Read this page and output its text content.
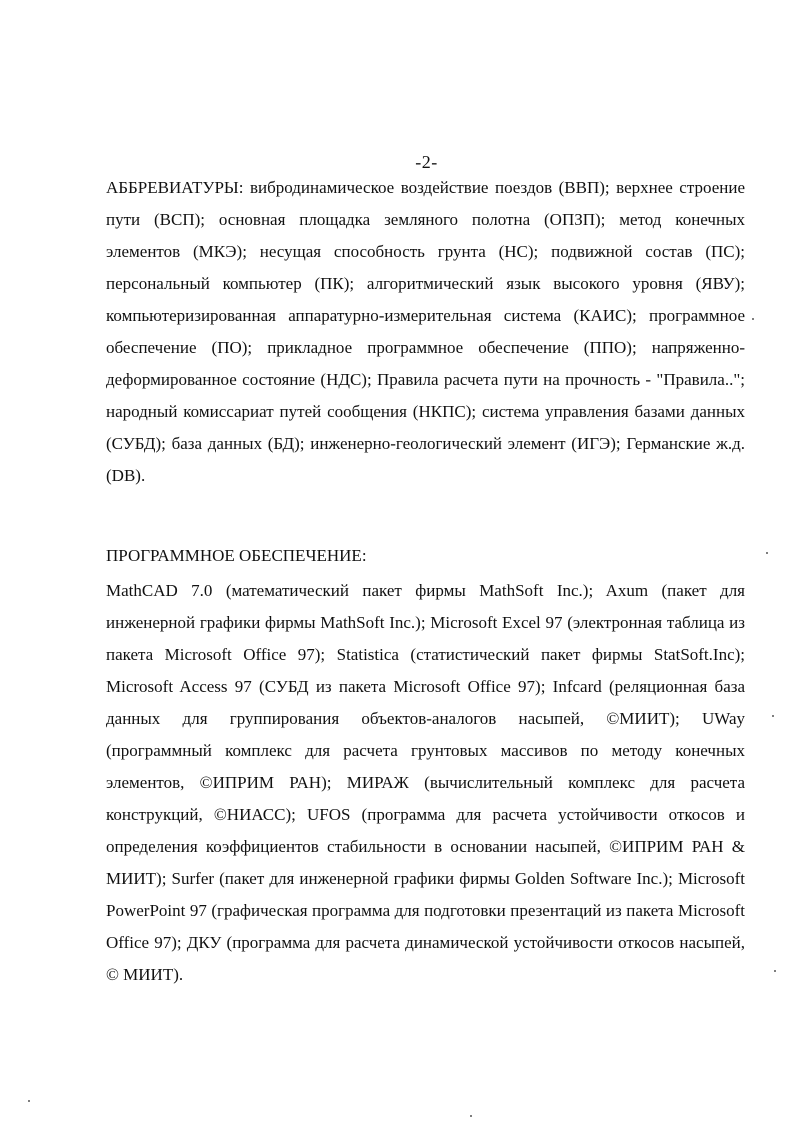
-2-
АББРЕВИАТУРЫ: вибродинамическое воздействие поездов (ВВП); верхнее строение пути (ВСП); основная площадка земляного полотна (ОПЗП); метод конечных элементов (МКЭ); несущая способность грунта (НС); подвижной состав (ПС); персональный компьютер (ПК); алгоритмический язык высокого уровня (ЯВУ); компьютеризированная аппаратурно-измерительная система (КАИС); программное обеспечение (ПО); прикладное программное обеспечение (ППО); напряженно-деформированное состояние (НДС); Правила расчета пути на прочность - "Правила.."; народный комиссариат путей сообщения (НКПС); система управления базами данных (СУБД); база данных (БД); инженерно-геологический элемент (ИГЭ); Германские ж.д. (DB).
ПРОГРАММНОЕ ОБЕСПЕЧЕНИЕ:
MathCAD 7.0 (математический пакет фирмы MathSoft Inc.); Axum (пакет для инженерной графики фирмы MathSoft Inc.); Microsoft Excel 97 (электронная таблица из пакета Microsoft Office 97); Statistica (статистический пакет фирмы StatSoft.Inc); Microsoft Access 97 (СУБД из пакета Microsoft Office 97); Infcard (реляционная база данных для группирования объектов-аналогов насыпей, ©МИИТ); UWay (программный комплекс для расчета грунтовых массивов по методу конечных элементов, ©ИПРИМ РАН); МИРАЖ (вычислительный комплекс для расчета конструкций, ©НИАСС); UFOS (программа для расчета устойчивости откосов и определения коэффициентов стабильности в основании насыпей, ©ИПРИМ РАН & МИИТ); Surfer (пакет для инженерной графики фирмы Golden Software Inc.); Microsoft PowerPoint 97 (графическая программа для подготовки презентаций из пакета Microsoft Office 97); ДКУ (программа для расчета динамической устойчивости откосов насыпей, © МИИТ).
